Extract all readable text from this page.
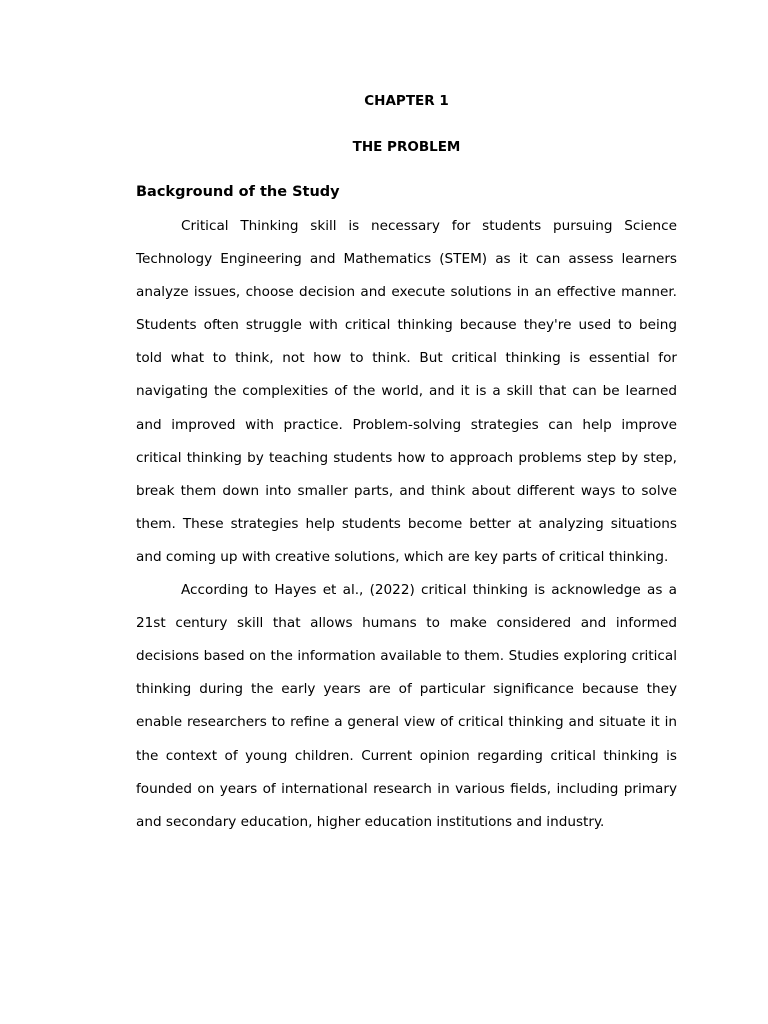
CHAPTER 1

THE PROBLEM

Background of the Study

Critical Thinking skill is necessary for students pursuing Science Technology Engineering and Mathematics (STEM) as it can assess learners analyze issues, choose decision and execute solutions in an effective manner. Students often struggle with critical thinking because they're used to being told what to think, not how to think. But critical thinking is essential for navigating the complexities of the world, and it is a skill that can be learned and improved with practice. Problem-solving strategies can help improve critical thinking by teaching students how to approach problems step by step, break them down into smaller parts, and think about different ways to solve them. These strategies help students become better at analyzing situations and coming up with creative solutions, which are key parts of critical thinking.

According to Hayes et al., (2022) critical thinking is acknowledge as a 21st century skill that allows humans to make considered and informed decisions based on the information available to them. Studies exploring critical thinking during the early years are of particular significance because they enable researchers to refine a general view of critical thinking and situate it in the context of young children. Current opinion regarding critical thinking is founded on years of international research in various fields, including primary and secondary education, higher education institutions and industry.
